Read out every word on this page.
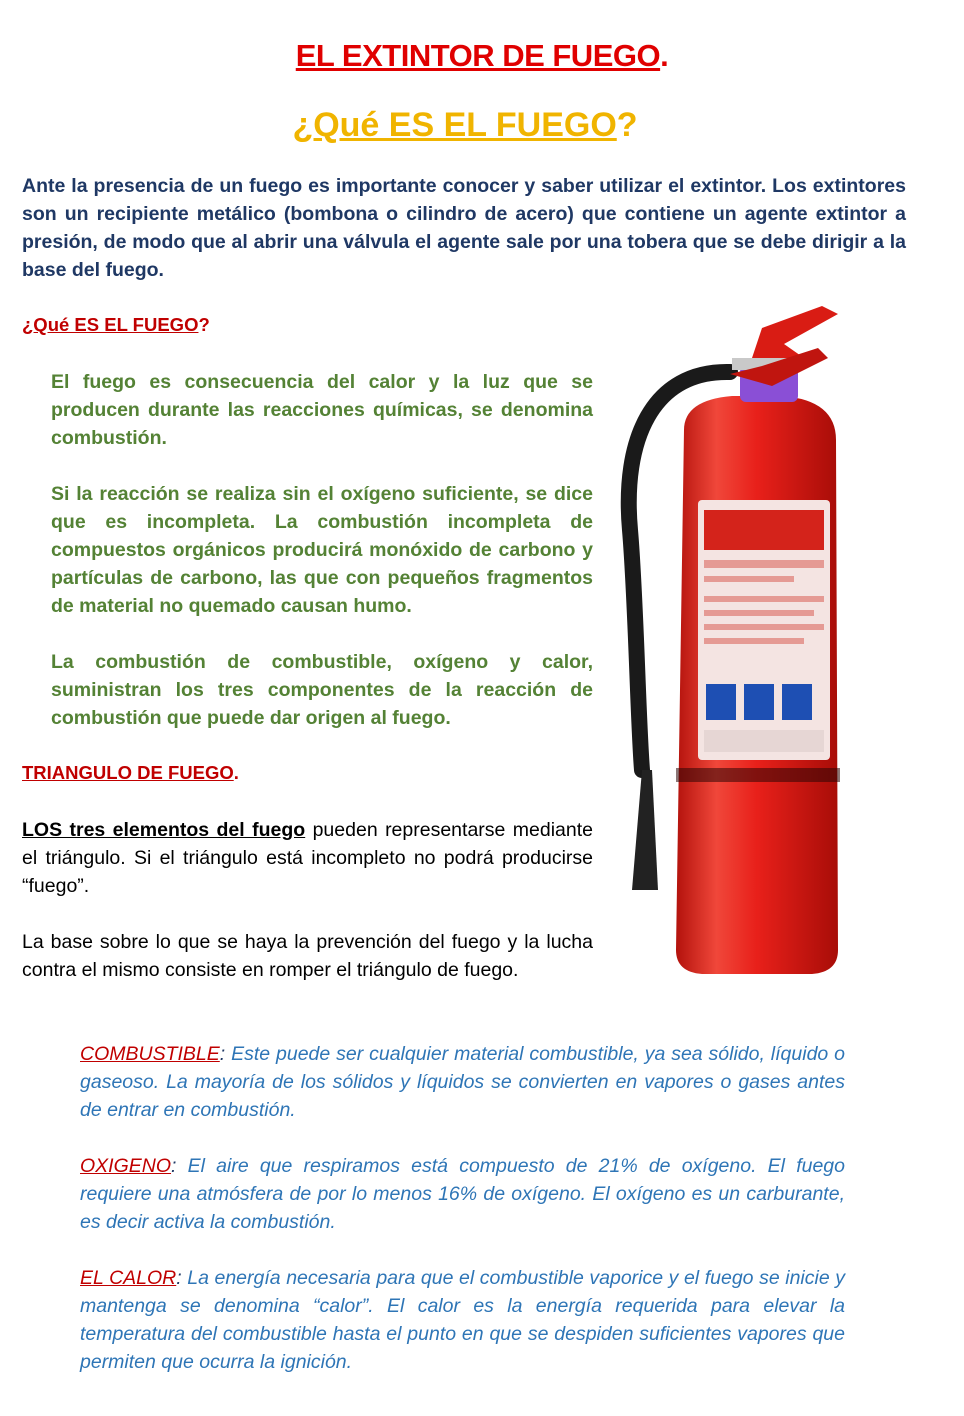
EL EXTINTOR DE FUEGO.
¿Qué ES EL FUEGO?
Ante la presencia de un fuego es importante conocer y saber utilizar el extintor. Los extintores son un recipiente metálico (bombona o cilindro de acero) que contiene un agente extintor a presión, de modo que al abrir una válvula el agente sale por una tobera que se debe dirigir a la base del fuego.
¿Qué ES EL FUEGO?

El fuego es consecuencia del calor y la luz que se producen durante las reacciones químicas, se denomina combustión.

Si la reacción se realiza sin el oxígeno suficiente, se dice que es incompleta. La combustión incompleta de compuestos orgánicos producirá monóxido de carbono y partículas de carbono, las que con pequeños fragmentos de material no quemado causan humo.

La combustión de combustible, oxígeno y calor, suministran los tres componentes de la reacción de combustión que puede dar origen al fuego.

TRIANGULO DE FUEGO.

LOS tres elementos del fuego pueden representarse mediante el triángulo. Si el triángulo está incompleto no podrá producirse “fuego”.

La base sobre lo que se haya la prevención del fuego y la lucha contra el mismo consiste en romper el triángulo de fuego.

COMBUSTIBLE: Este puede ser cualquier material combustible, ya sea sólido, líquido o gaseoso. La mayoría de los sólidos y líquidos se convierten en vapores o gases antes de entrar en combustión.

OXIGENO: El aire que respiramos está compuesto de 21% de oxígeno. El fuego requiere una atmósfera de por lo menos 16% de oxígeno. El oxígeno es un carburante, es decir activa la combustión.

EL CALOR: La energía necesaria para que el combustible vaporice y el fuego se inicie y mantenga se denomina “calor”. El calor es la energía requerida para elevar la temperatura del combustible hasta el punto en que se despiden suficientes vapores que permiten que ocurra la ignición.
